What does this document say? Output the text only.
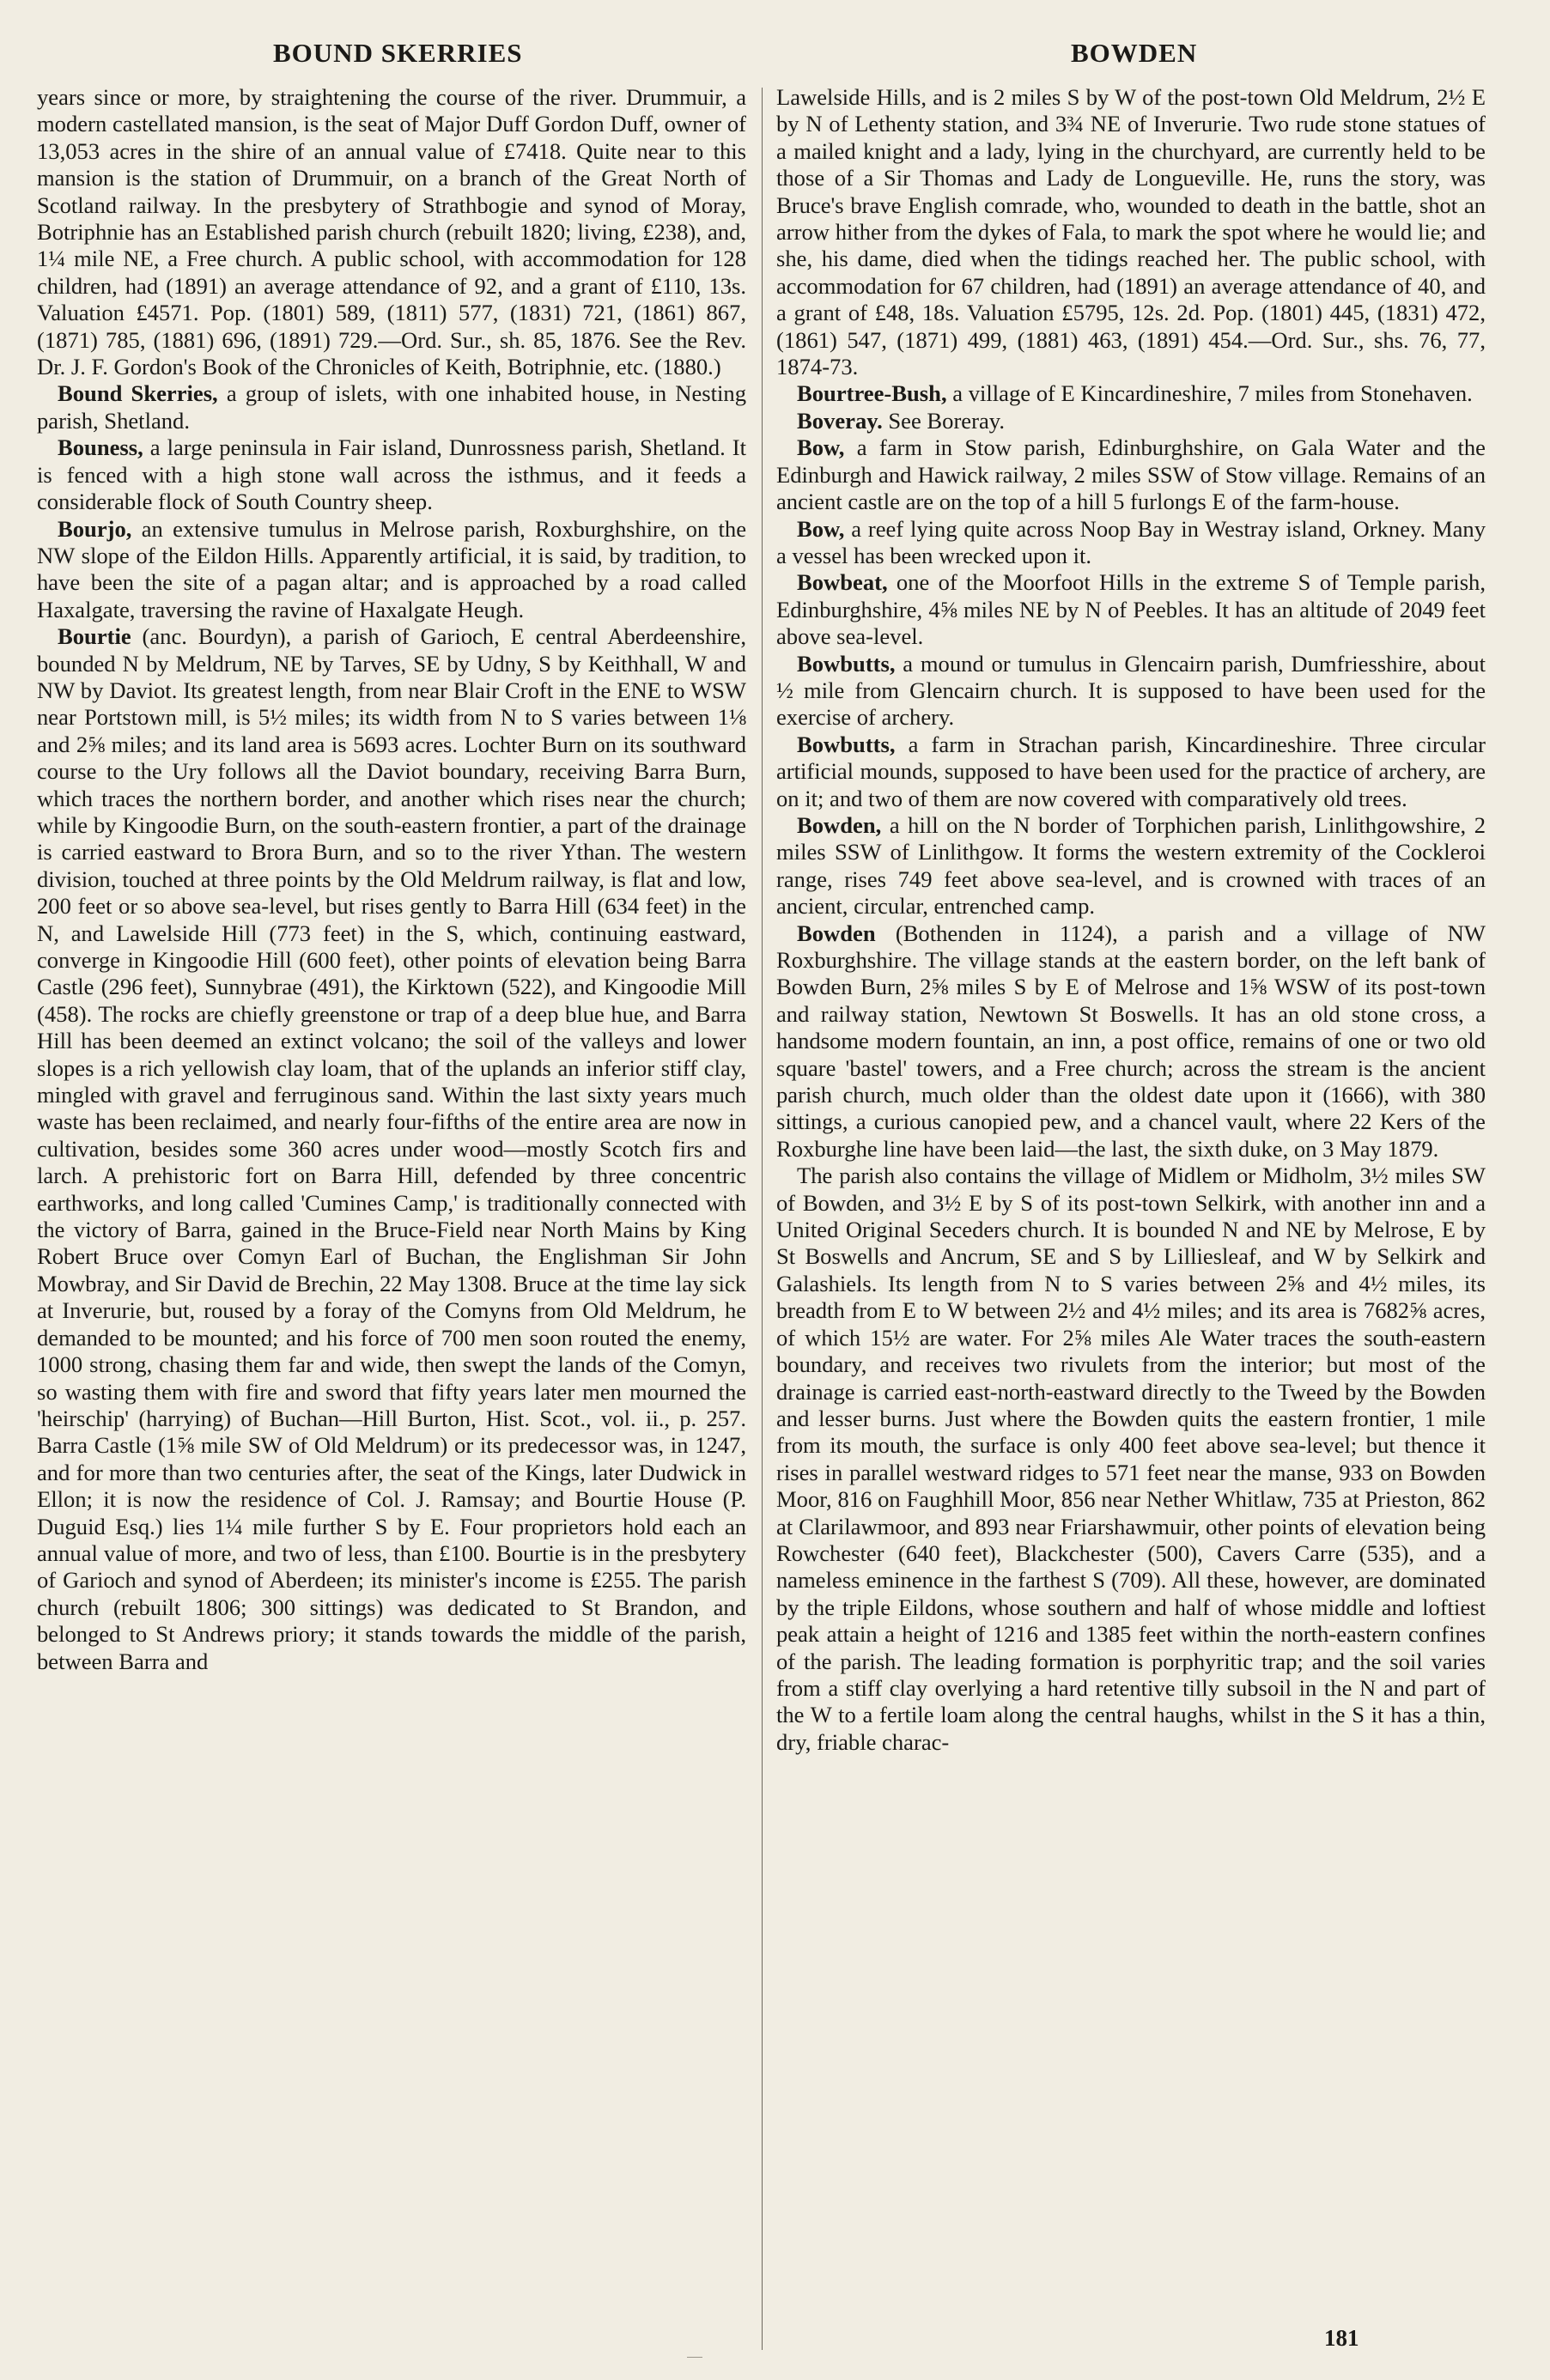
BOUND SKERRIES	BOWDEN

years since or more, by straightening the course of the river. Drummuir, a modern castellated mansion, is the seat of Major Duff Gordon Duff, owner of 13,053 acres in the shire of an annual value of £7418. Quite near to this mansion is the station of Drummuir, on a branch of the Great North of Scotland railway. In the presbytery of Strathbogie and synod of Moray, Botriphnie has an Established parish church (rebuilt 1820; living, £238), and, 1¼ mile NE, a Free church. A public school, with accommodation for 128 children, had (1891) an average attendance of 92, and a grant of £110, 13s. Valuation £4571. Pop. (1801) 589, (1811) 577, (1831) 721, (1861) 867, (1871) 785, (1881) 696, (1891) 729.—Ord. Sur., sh. 85, 1876. See the Rev. Dr. J. F. Gordon's Book of the Chronicles of Keith, Botriphnie, etc. (1880.)

Bound Skerries, a group of islets, with one inhabited house, in Nesting parish, Shetland.

Bouness, a large peninsula in Fair island, Dunrossness parish, Shetland. It is fenced with a high stone wall across the isthmus, and it feeds a considerable flock of South Country sheep.

Bourjo, an extensive tumulus in Melrose parish, Roxburghshire, on the NW slope of the Eildon Hills. Apparently artificial, it is said, by tradition, to have been the site of a pagan altar; and is approached by a road called Haxalgate, traversing the ravine of Haxalgate Heugh.

Bourtie (anc. Bourdyn), a parish of Garioch, E central Aberdeenshire, bounded N by Meldrum, NE by Tarves, SE by Udny, S by Keithhall, W and NW by Daviot. Its greatest length, from near Blair Croft in the ENE to WSW near Portstown mill, is 5½ miles; its width from N to S varies between 1⅛ and 2⅝ miles; and its land area is 5693 acres. Lochter Burn on its southward course to the Ury follows all the Daviot boundary, receiving Barra Burn, which traces the northern border, and another which rises near the church; while by Kingoodie Burn, on the south-eastern frontier, a part of the drainage is carried eastward to Brora Burn, and so to the river Ythan. The western division, touched at three points by the Old Meldrum railway, is flat and low, 200 feet or so above sea-level, but rises gently to Barra Hill (634 feet) in the N, and Lawelside Hill (773 feet) in the S, which, continuing eastward, converge in Kingoodie Hill (600 feet), other points of elevation being Barra Castle (296 feet), Sunnybrae (491), the Kirktown (522), and Kingoodie Mill (458). The rocks are chiefly greenstone or trap of a deep blue hue, and Barra Hill has been deemed an extinct volcano; the soil of the valleys and lower slopes is a rich yellowish clay loam, that of the uplands an inferior stiff clay, mingled with gravel and ferruginous sand. Within the last sixty years much waste has been reclaimed, and nearly four-fifths of the entire area are now in cultivation, besides some 360 acres under wood—mostly Scotch firs and larch. A prehistoric fort on Barra Hill, defended by three concentric earthworks, and long called 'Cumines Camp,' is traditionally connected with the victory of Barra, gained in the Bruce-Field near North Mains by King Robert Bruce over Comyn Earl of Buchan, the Englishman Sir John Mowbray, and Sir David de Brechin, 22 May 1308. Bruce at the time lay sick at Inverurie, but, roused by a foray of the Comyns from Old Meldrum, he demanded to be mounted; and his force of 700 men soon routed the enemy, 1000 strong, chasing them far and wide, then swept the lands of the Comyn, so wasting them with fire and sword that fifty years later men mourned the 'heirschip' (harrying) of Buchan—Hill Burton, Hist. Scot., vol. ii., p. 257. Barra Castle (1⅝ mile SW of Old Meldrum) or its predecessor was, in 1247, and for more than two centuries after, the seat of the Kings, later Dudwick in Ellon; it is now the residence of Col. J. Ramsay; and Bourtie House (P. Duguid Esq.) lies 1¼ mile further S by E. Four proprietors hold each an annual value of more, and two of less, than £100. Bourtie is in the presbytery of Garioch and synod of Aberdeen; its minister's income is £255. The parish church (rebuilt 1806; 300 sittings) was dedicated to St Brandon, and belonged to St Andrews priory; it stands towards the middle of the parish, between Barra and

Lawelside Hills, and is 2 miles S by W of the post-town Old Meldrum, 2½ E by N of Lethenty station, and 3¾ NE of Inverurie. Two rude stone statues of a mailed knight and a lady, lying in the churchyard, are currently held to be those of a Sir Thomas and Lady de Longueville. He, runs the story, was Bruce's brave English comrade, who, wounded to death in the battle, shot an arrow hither from the dykes of Fala, to mark the spot where he would lie; and she, his dame, died when the tidings reached her. The public school, with accommodation for 67 children, had (1891) an average attendance of 40, and a grant of £48, 18s. Valuation £5795, 12s. 2d. Pop. (1801) 445, (1831) 472, (1861) 547, (1871) 499, (1881) 463, (1891) 454.—Ord. Sur., shs. 76, 77, 1874-73.

Bourtree-Bush, a village of E Kincardineshire, 7 miles from Stonehaven.

Boveray. See Boreray.

Bow, a farm in Stow parish, Edinburghshire, on Gala Water and the Edinburgh and Hawick railway, 2 miles SSW of Stow village. Remains of an ancient castle are on the top of a hill 5 furlongs E of the farm-house.

Bow, a reef lying quite across Noop Bay in Westray island, Orkney. Many a vessel has been wrecked upon it.

Bowbeat, one of the Moorfoot Hills in the extreme S of Temple parish, Edinburghshire, 4⅝ miles NE by N of Peebles. It has an altitude of 2049 feet above sea-level.

Bowbutts, a mound or tumulus in Glencairn parish, Dumfriesshire, about ½ mile from Glencairn church. It is supposed to have been used for the exercise of archery.

Bowbutts, a farm in Strachan parish, Kincardineshire. Three circular artificial mounds, supposed to have been used for the practice of archery, are on it; and two of them are now covered with comparatively old trees.

Bowden, a hill on the N border of Torphichen parish, Linlithgowshire, 2 miles SSW of Linlithgow. It forms the western extremity of the Cockleroi range, rises 749 feet above sea-level, and is crowned with traces of an ancient, circular, entrenched camp.

Bowden (Bothenden in 1124), a parish and a village of NW Roxburghshire. The village stands at the eastern border, on the left bank of Bowden Burn, 2⅝ miles S by E of Melrose and 1⅝ WSW of its post-town and railway station, Newtown St Boswells. It has an old stone cross, a handsome modern fountain, an inn, a post office, remains of one or two old square 'bastel' towers, and a Free church; across the stream is the ancient parish church, much older than the oldest date upon it (1666), with 380 sittings, a curious canopied pew, and a chancel vault, where 22 Kers of the Roxburghe line have been laid—the last, the sixth duke, on 3 May 1879.

The parish also contains the village of Midlem or Midholm, 3½ miles SW of Bowden, and 3½ E by S of its post-town Selkirk, with another inn and a United Original Seceders church. It is bounded N and NE by Melrose, E by St Boswells and Ancrum, SE and S by Lilliesleaf, and W by Selkirk and Galashiels. Its length from N to S varies between 2⅝ and 4½ miles, its breadth from E to W between 2½ and 4½ miles; and its area is 7682⅝ acres, of which 15½ are water. For 2⅝ miles Ale Water traces the south-eastern boundary, and receives two rivulets from the interior; but most of the drainage is carried east-north-eastward directly to the Tweed by the Bowden and lesser burns. Just where the Bowden quits the eastern frontier, 1 mile from its mouth, the surface is only 400 feet above sea-level; but thence it rises in parallel westward ridges to 571 feet near the manse, 933 on Bowden Moor, 816 on Faughhill Moor, 856 near Nether Whitlaw, 735 at Prieston, 862 at Clarilawmoor, and 893 near Friarshawmuir, other points of elevation being Rowchester (640 feet), Blackchester (500), Cavers Carre (535), and a nameless eminence in the farthest S (709). All these, however, are dominated by the triple Eildons, whose southern and half of whose middle and loftiest peak attain a height of 1216 and 1385 feet within the north-eastern confines of the parish. The leading formation is porphyritic trap; and the soil varies from a stiff clay overlying a hard retentive tilly subsoil in the N and part of the W to a fertile loam along the central haughs, whilst in the S it has a thin, dry, friable charac-

181
